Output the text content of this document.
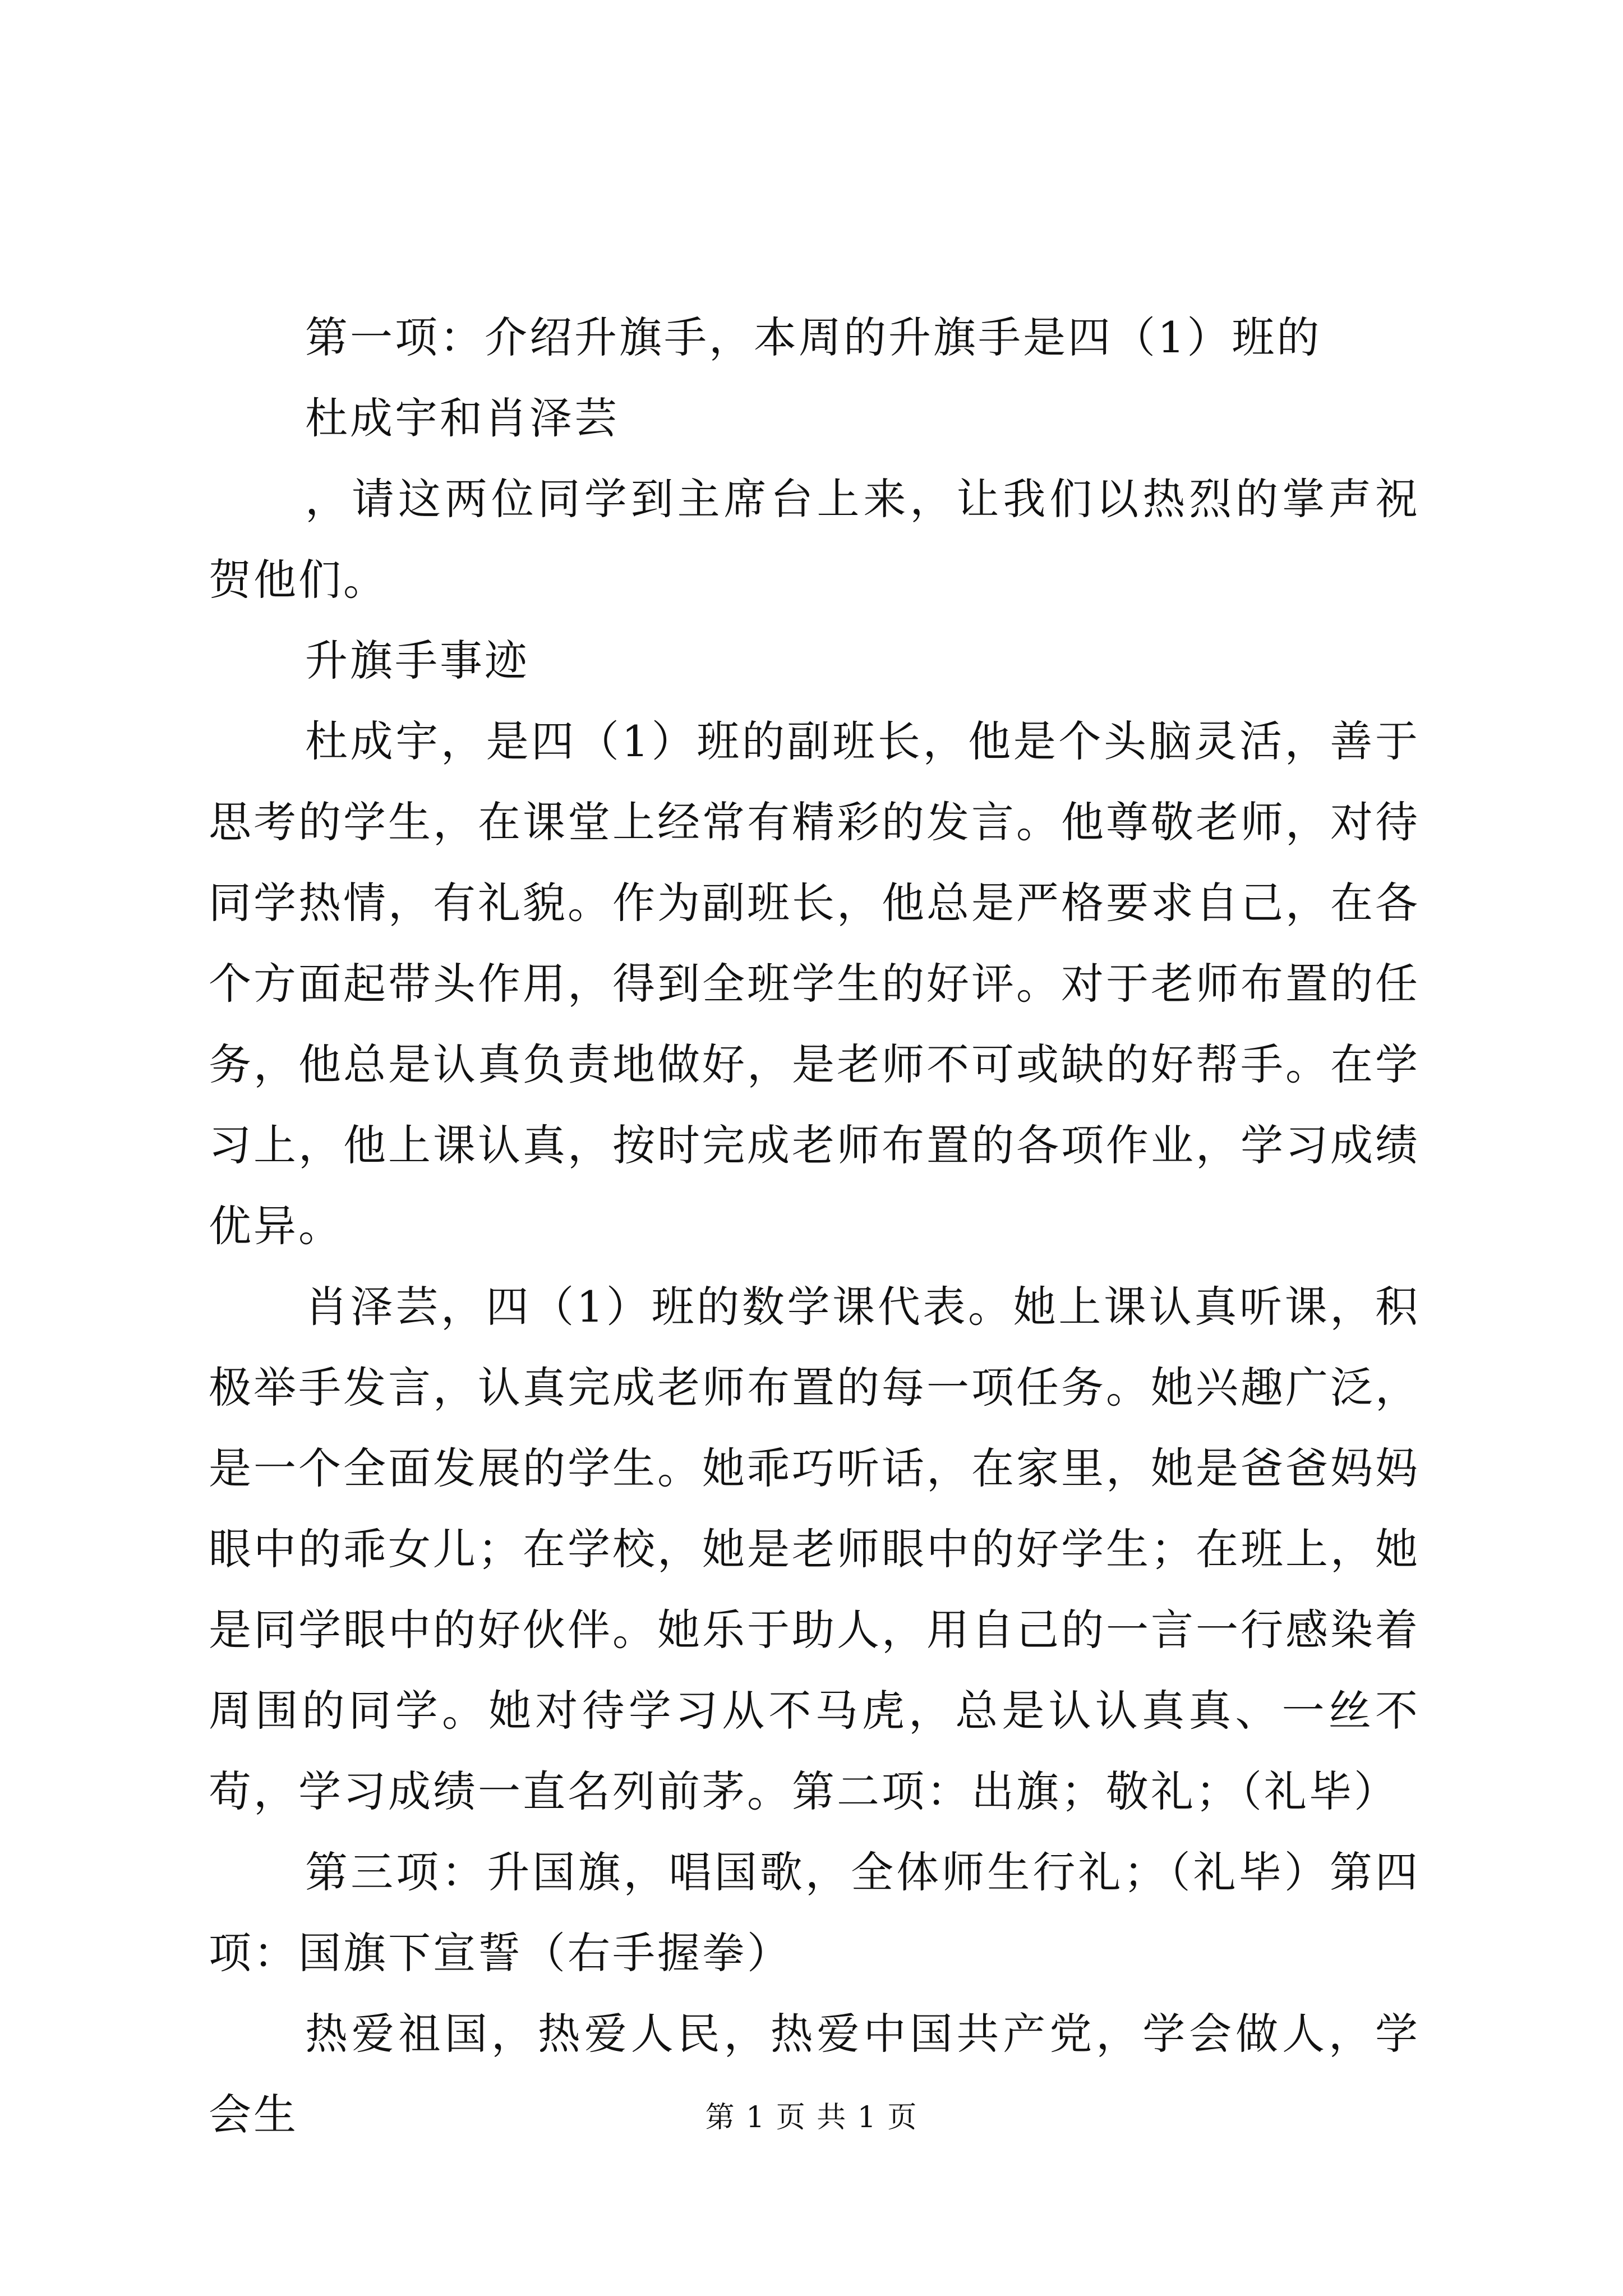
第一项：介绍升旗手，本周的升旗手是四（1）班的

杜成宇和肖泽芸

，请这两位同学到主席台上来，让我们以热烈的掌声祝贺他们。

升旗手事迹

杜成宇，是四（1）班的副班长，他是个头脑灵活，善于思考的学生，在课堂上经常有精彩的发言。他尊敬老师，对待同学热情，有礼貌。作为副班长，他总是严格要求自己，在各个方面起带头作用，得到全班学生的好评。对于老师布置的任务，他总是认真负责地做好，是老师不可或缺的好帮手。在学习上，他上课认真，按时完成老师布置的各项作业，学习成绩优异。

肖泽芸，四（1）班的数学课代表。她上课认真听课，积极举手发言，认真完成老师布置的每一项任务。她兴趣广泛，是一个全面发展的学生。她乖巧听话，在家里，她是爸爸妈妈眼中的乖女儿；在学校，她是老师眼中的好学生；在班上，她是同学眼中的好伙伴。她乐于助人，用自己的一言一行感染着周围的同学。她对待学习从不马虎，总是认认真真、一丝不苟，学习成绩一直名列前茅。第二项：出旗；敬礼；（礼毕）

第三项：升国旗，唱国歌，全体师生行礼；（礼毕）第四项：国旗下宣誓（右手握拳）

热爱祖国，热爱人民，热爱中国共产党，学会做人，学会生	第 1 页 共 1 页
